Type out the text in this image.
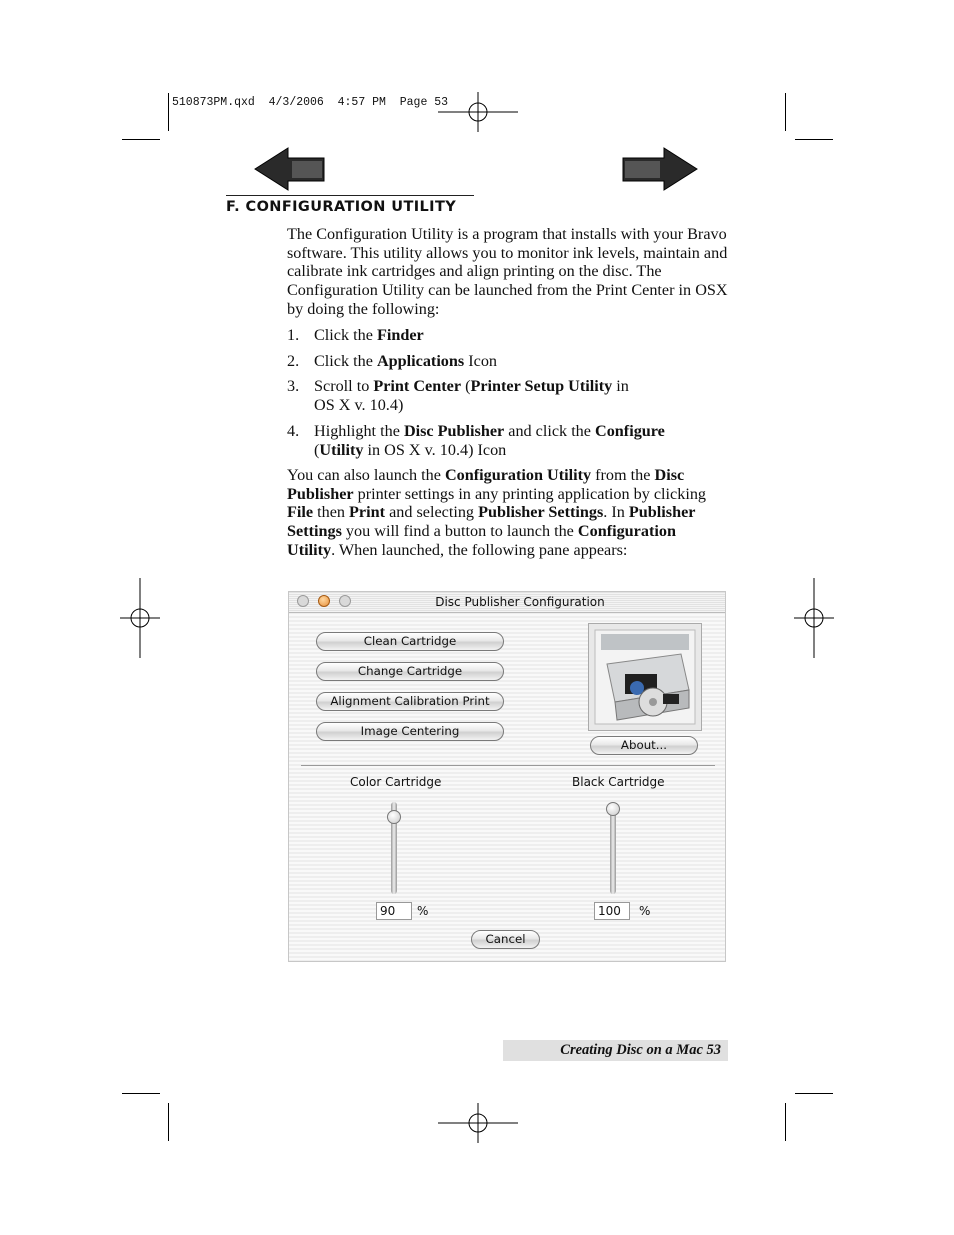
510873PM.qxd  4/3/2006  4:57 PM  Page 53
F. CONFIGURATION UTILITY
The Configuration Utility is a program that installs with your Bravo software. This utility allows you to monitor ink levels, maintain and calibrate ink cartridges and align printing on the disc. The Configuration Utility can be launched from the Print Center in OSX by doing the following:
1. Click the Finder
2. Click the Applications Icon
3. Scroll to Print Center (Printer Setup Utility in OS X v. 10.4)
4. Highlight the Disc Publisher and click the Configure (Utility in OS X v. 10.4) Icon
You can also launch the Configuration Utility from the Disc Publisher printer settings in any printing application by clicking File then Print and selecting Publisher Settings. In Publisher Settings you will find a button to launch the Configuration Utility. When launched, the following pane appears:
Disc Publisher Configuration
Clean Cartridge
Change Cartridge
Alignment Calibration Print
Image Centering
About...
Color Cartridge	Black Cartridge
90	%	100	%
Cancel
Creating Disc on a Mac 53
